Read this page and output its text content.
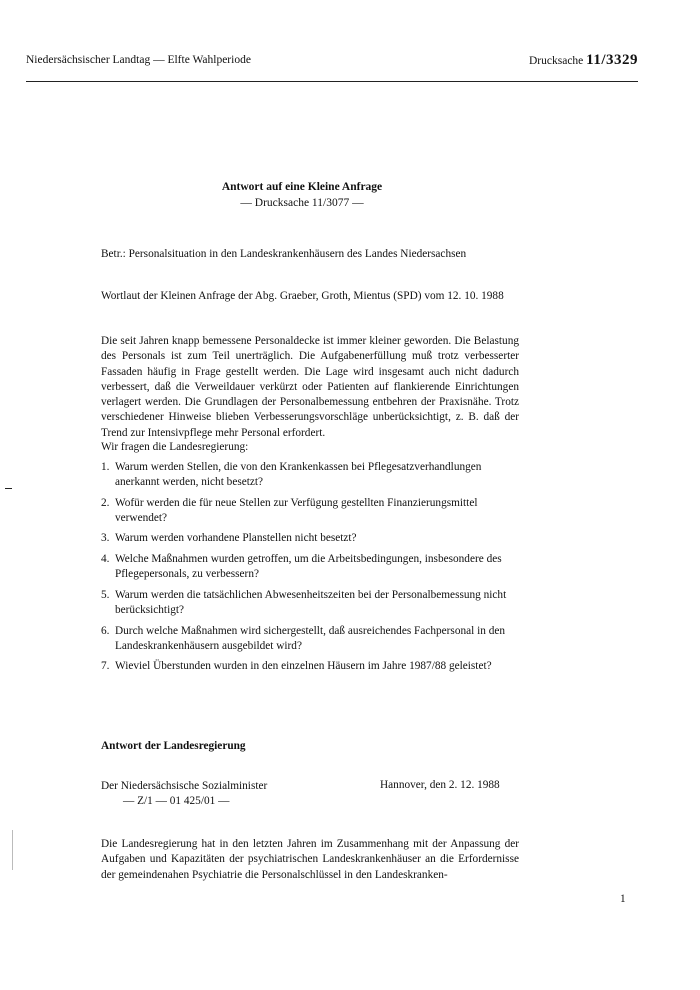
Niedersächsischer Landtag — Elfte Wahlperiode	Drucksache 11/3329
Antwort auf eine Kleine Anfrage
— Drucksache 11/3077 —
Betr.: Personalsituation in den Landeskrankenhäusern des Landes Niedersachsen
Wortlaut der Kleinen Anfrage der Abg. Graeber, Groth, Mientus (SPD) vom 12. 10. 1988
Die seit Jahren knapp bemessene Personaldecke ist immer kleiner geworden. Die Belastung des Personals ist zum Teil unerträglich. Die Aufgabenerfüllung muß trotz verbesserter Fassaden häufig in Frage gestellt werden. Die Lage wird insgesamt auch nicht dadurch verbessert, daß die Verweildauer verkürzt oder Patienten auf flankierende Einrichtungen verlagert werden. Die Grundlagen der Personalbemessung entbehren der Praxisnähe. Trotz verschiedener Hinweise blieben Verbesserungsvorschläge unberücksichtigt, z. B. daß der Trend zur Intensivpflege mehr Personal erfordert.
Wir fragen die Landesregierung:
1. Warum werden Stellen, die von den Krankenkassen bei Pflegesatzverhandlungen anerkannt werden, nicht besetzt?
2. Wofür werden die für neue Stellen zur Verfügung gestellten Finanzierungsmittel verwendet?
3. Warum werden vorhandene Planstellen nicht besetzt?
4. Welche Maßnahmen wurden getroffen, um die Arbeitsbedingungen, insbesondere des Pflegepersonals, zu verbessern?
5. Warum werden die tatsächlichen Abwesenheitszeiten bei der Personalbemessung nicht berücksichtigt?
6. Durch welche Maßnahmen wird sichergestellt, daß ausreichendes Fachpersonal in den Landeskrankenhäusern ausgebildet wird?
7. Wieviel Überstunden wurden in den einzelnen Häusern im Jahre 1987/88 geleistet?
Antwort der Landesregierung
Der Niedersächsische Sozialminister
— Z/1 — 01 425/01 —
Hannover, den 2. 12. 1988
Die Landesregierung hat in den letzten Jahren im Zusammenhang mit der Anpassung der Aufgaben und Kapazitäten der psychiatrischen Landeskrankenhäuser an die Erfordernisse der gemeindenahen Psychiatrie die Personalschlüssel in den Landeskranken-
1
